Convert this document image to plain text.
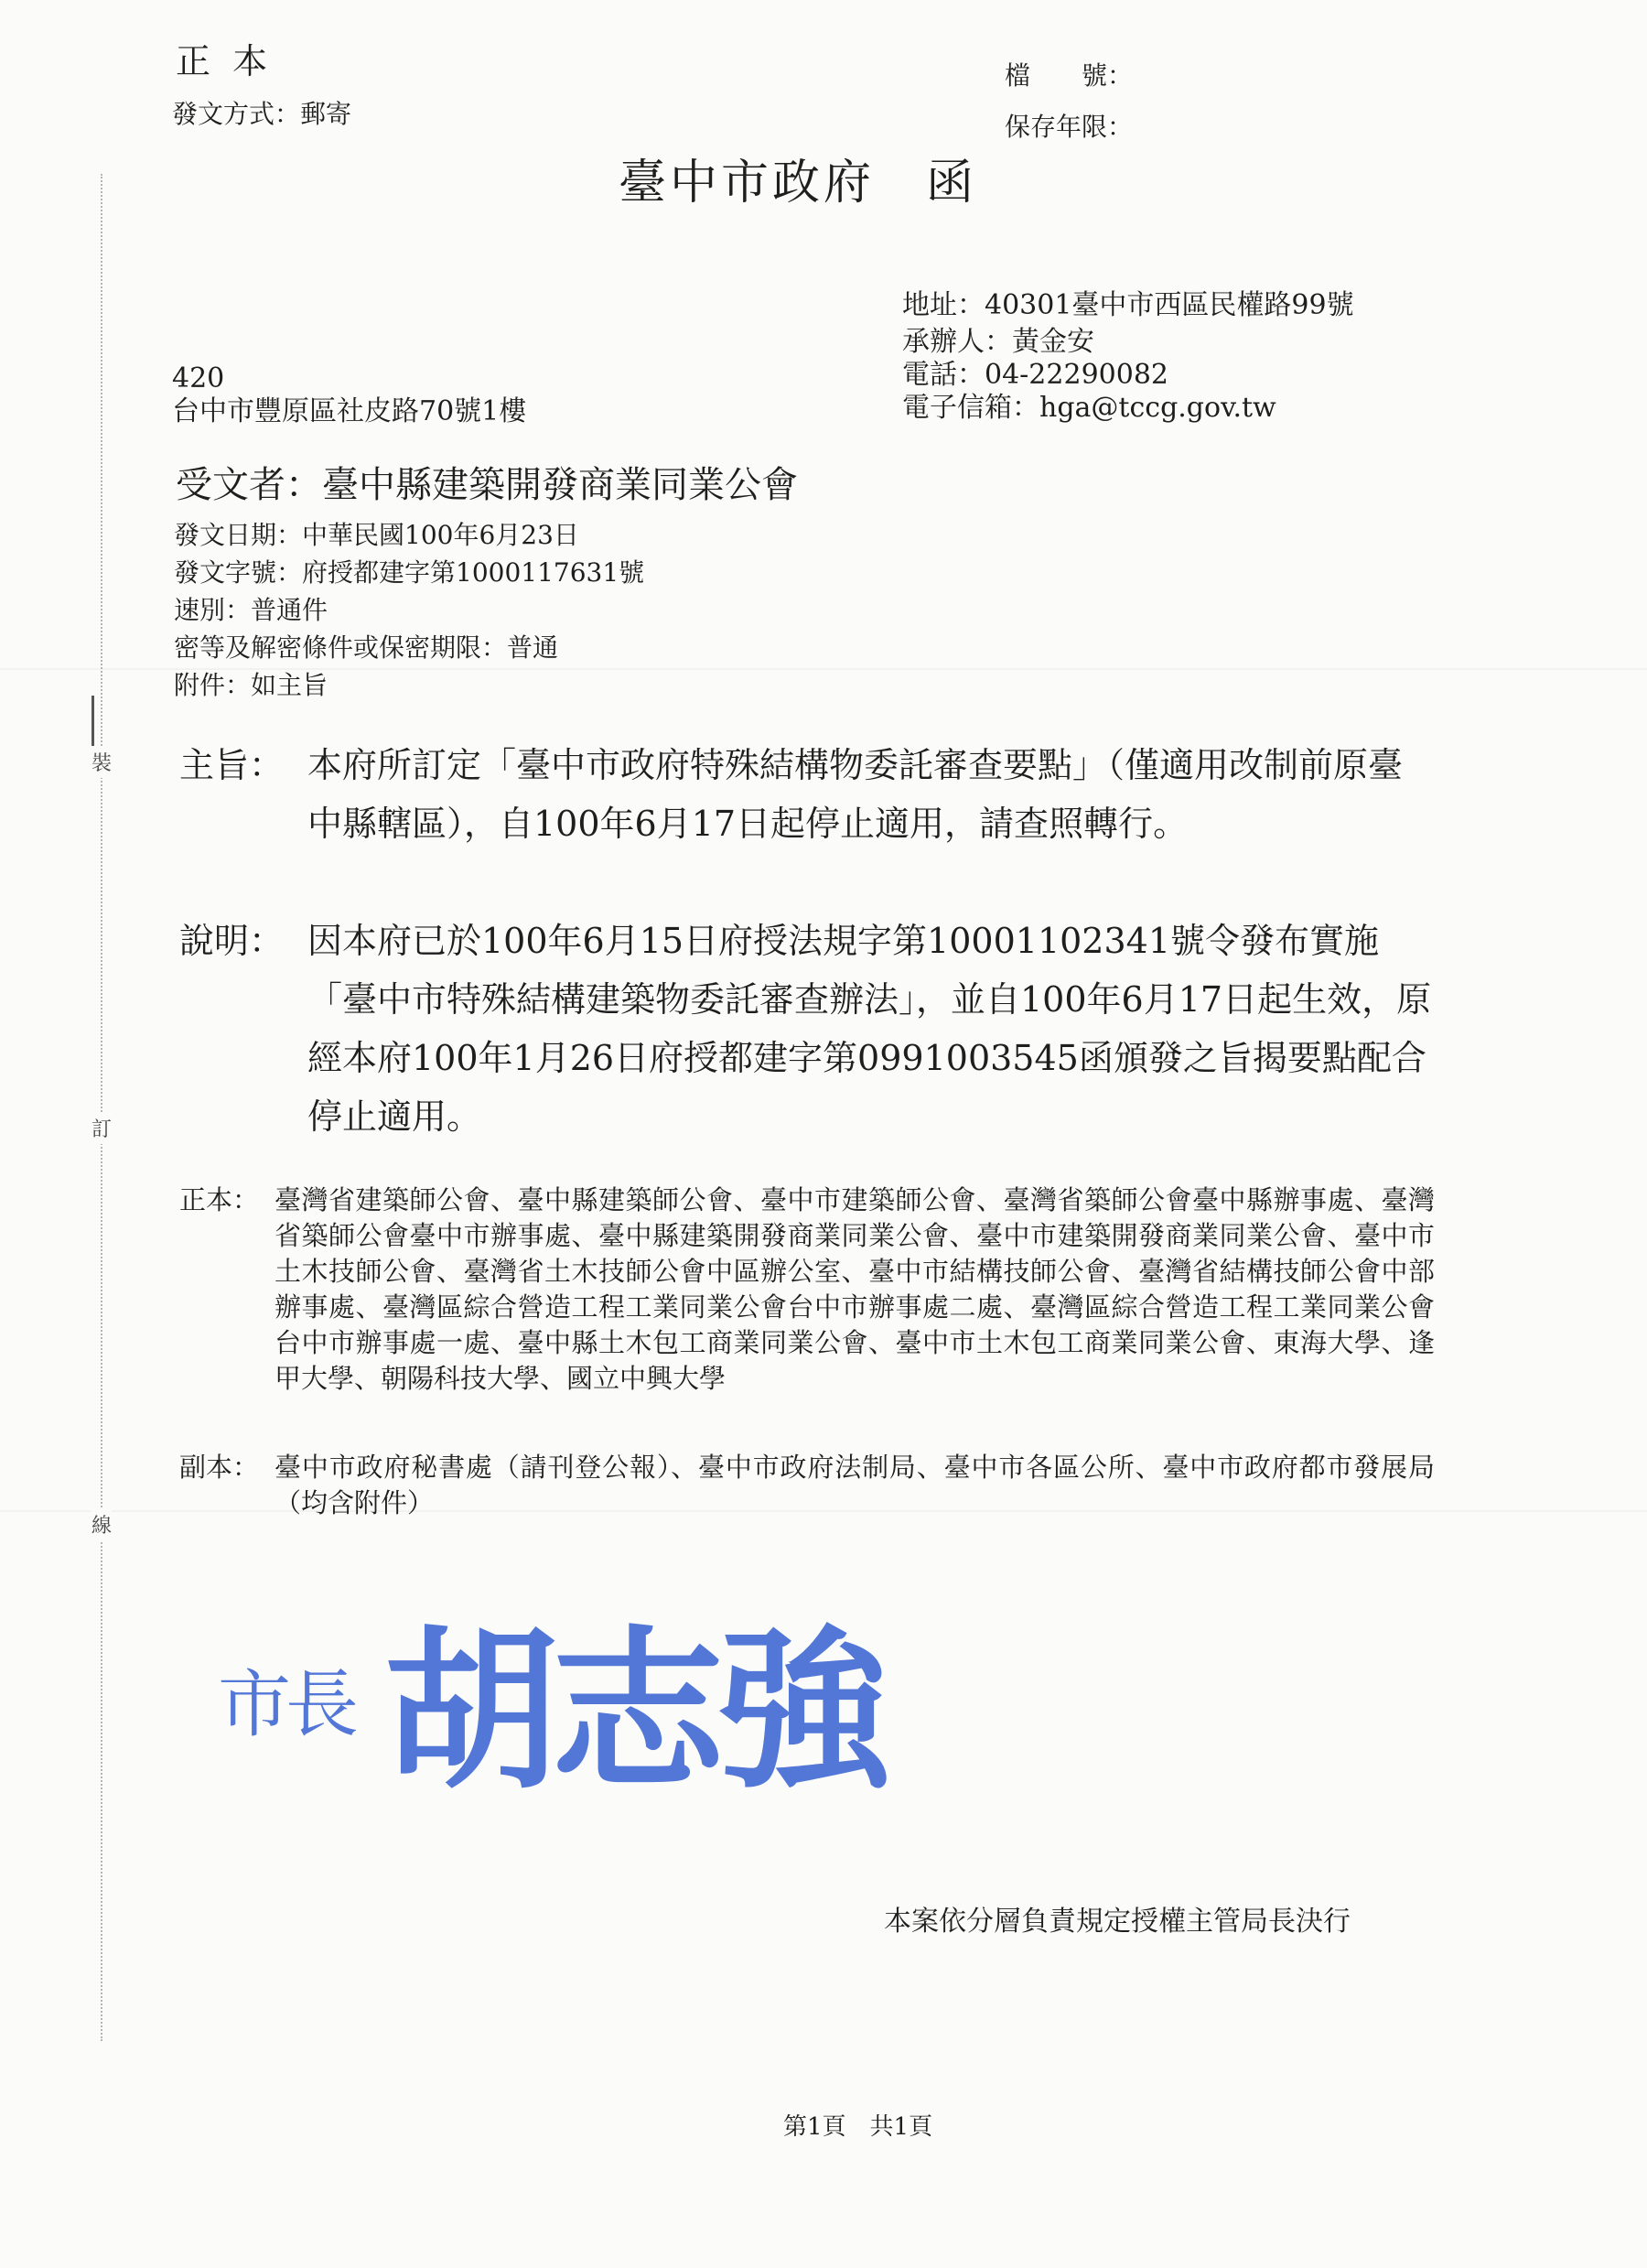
裝
訂
線
正 本
發文方式：郵寄
檔　　號：
保存年限：
臺中市政府　函
地址：40301臺中市西區民權路99號
承辦人：黃金安
電話：04-22290082
電子信箱：hga@tccg.gov.tw
420
台中市豐原區社皮路70號1樓
受文者：臺中縣建築開發商業同業公會
發文日期：中華民國100年6月23日
發文字號：府授都建字第1000117631號
速別：普通件
密等及解密條件或保密期限：普通
附件：如主旨
主旨： 本府所訂定「臺中市政府特殊結構物委託審查要點」（僅適用改制前原臺中縣轄區），自100年6月17日起停止適用，請查照轉行。
說明： 因本府已於100年6月15日府授法規字第10001102341號令發布實施「臺中市特殊結構建築物委託審查辦法」，並自100年6月17日起生效，原經本府100年1月26日府授都建字第0991003545函頒發之旨揭要點配合停止適用。
正本： 臺灣省建築師公會、臺中縣建築師公會、臺中市建築師公會、臺灣省築師公會臺中縣辦事處、臺灣省築師公會臺中市辦事處、臺中縣建築開發商業同業公會、臺中市建築開發商業同業公會、臺中市土木技師公會、臺灣省土木技師公會中區辦公室、臺中市結構技師公會、臺灣省結構技師公會中部辦事處、臺灣區綜合營造工程工業同業公會台中市辦事處二處、臺灣區綜合營造工程工業同業公會台中市辦事處一處、臺中縣土木包工商業同業公會、臺中市土木包工商業同業公會、東海大學、逢甲大學、朝陽科技大學、國立中興大學
副本： 臺中市政府秘書處（請刊登公報）、臺中市政府法制局、臺中市各區公所、臺中市政府都市發展局（均含附件）
市長 胡志強
本案依分層負責規定授權主管局長決行
第1頁　共1頁
